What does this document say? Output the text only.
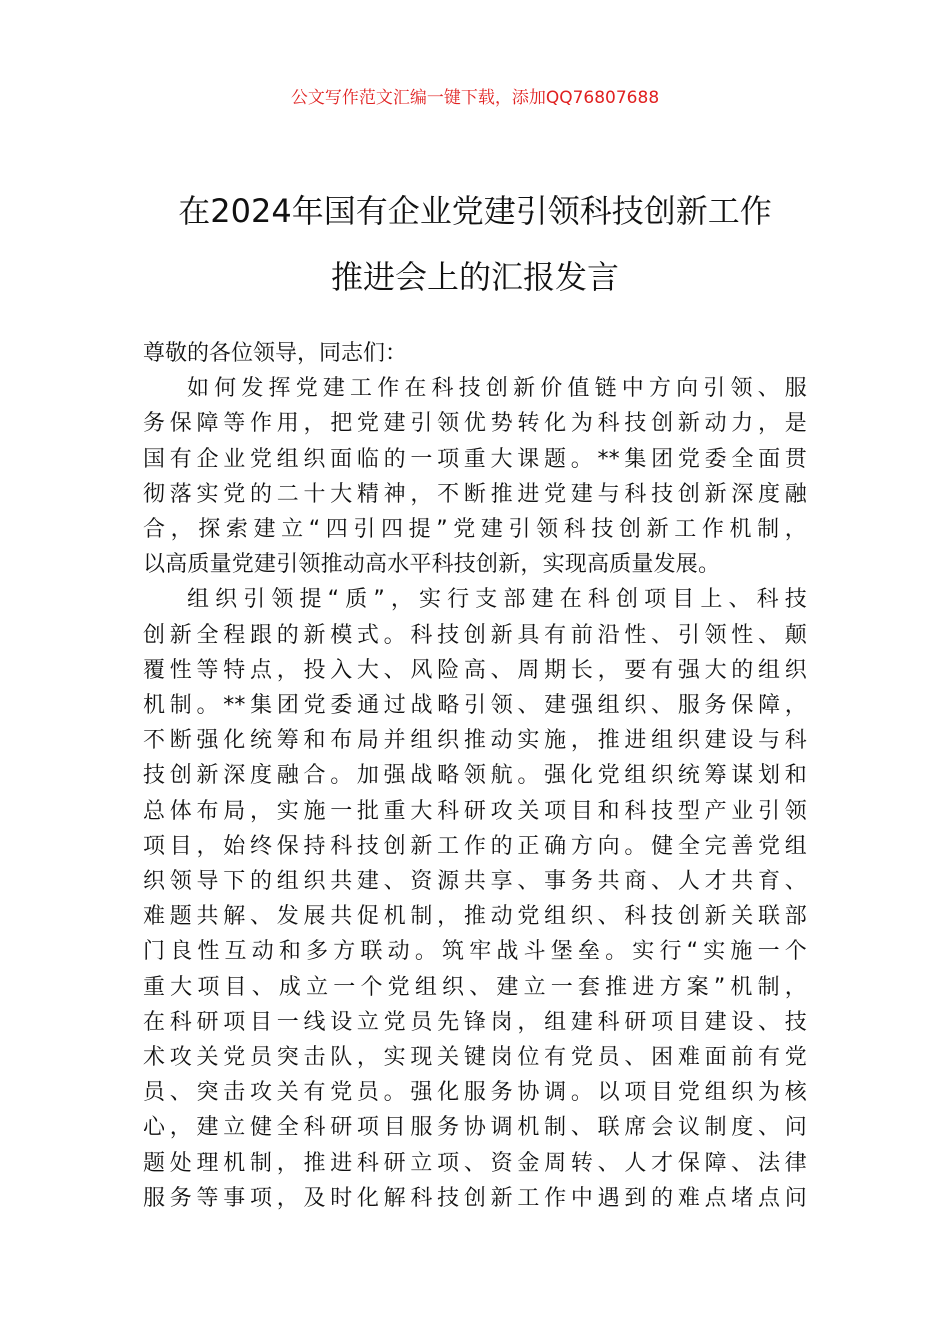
公文写作范文汇编一键下载，添加QQ76807688
在2024年国有企业党建引领科技创新工作
推进会上的汇报发言

尊敬的各位领导，同志们：

如何发挥党建工作在科技创新价值链中方向引领、服
务保障等作用，把党建引领优势转化为科技创新动力，是
国有企业党组织面临的一项重大课题。**集团党委全面贯
彻落实党的二十大精神，不断推进党建与科技创新深度融
合，探索建立“四引四提”党建引领科技创新工作机制，
以高质量党建引领推动高水平科技创新，实现高质量发展。

组织引领提“质”，实行支部建在科创项目上、科技
创新全程跟的新模式。科技创新具有前沿性、引领性、颠
覆性等特点，投入大、风险高、周期长，要有强大的组织
机制。**集团党委通过战略引领、建强组织、服务保障，
不断强化统筹和布局并组织推动实施，推进组织建设与科
技创新深度融合。加强战略领航。强化党组织统筹谋划和
总体布局，实施一批重大科研攻关项目和科技型产业引领
项目，始终保持科技创新工作的正确方向。健全完善党组
织领导下的组织共建、资源共享、事务共商、人才共育、
难题共解、发展共促机制，推动党组织、科技创新关联部
门良性互动和多方联动。筑牢战斗堡垒。实行“实施一个
重大项目、成立一个党组织、建立一套推进方案”机制，
在科研项目一线设立党员先锋岗，组建科研项目建设、技
术攻关党员突击队，实现关键岗位有党员、困难面前有党
员、突击攻关有党员。强化服务协调。以项目党组织为核
心，建立健全科研项目服务协调机制、联席会议制度、问
题处理机制，推进科研立项、资金周转、人才保障、法律
服务等事项，及时化解科技创新工作中遇到的难点堵点问
